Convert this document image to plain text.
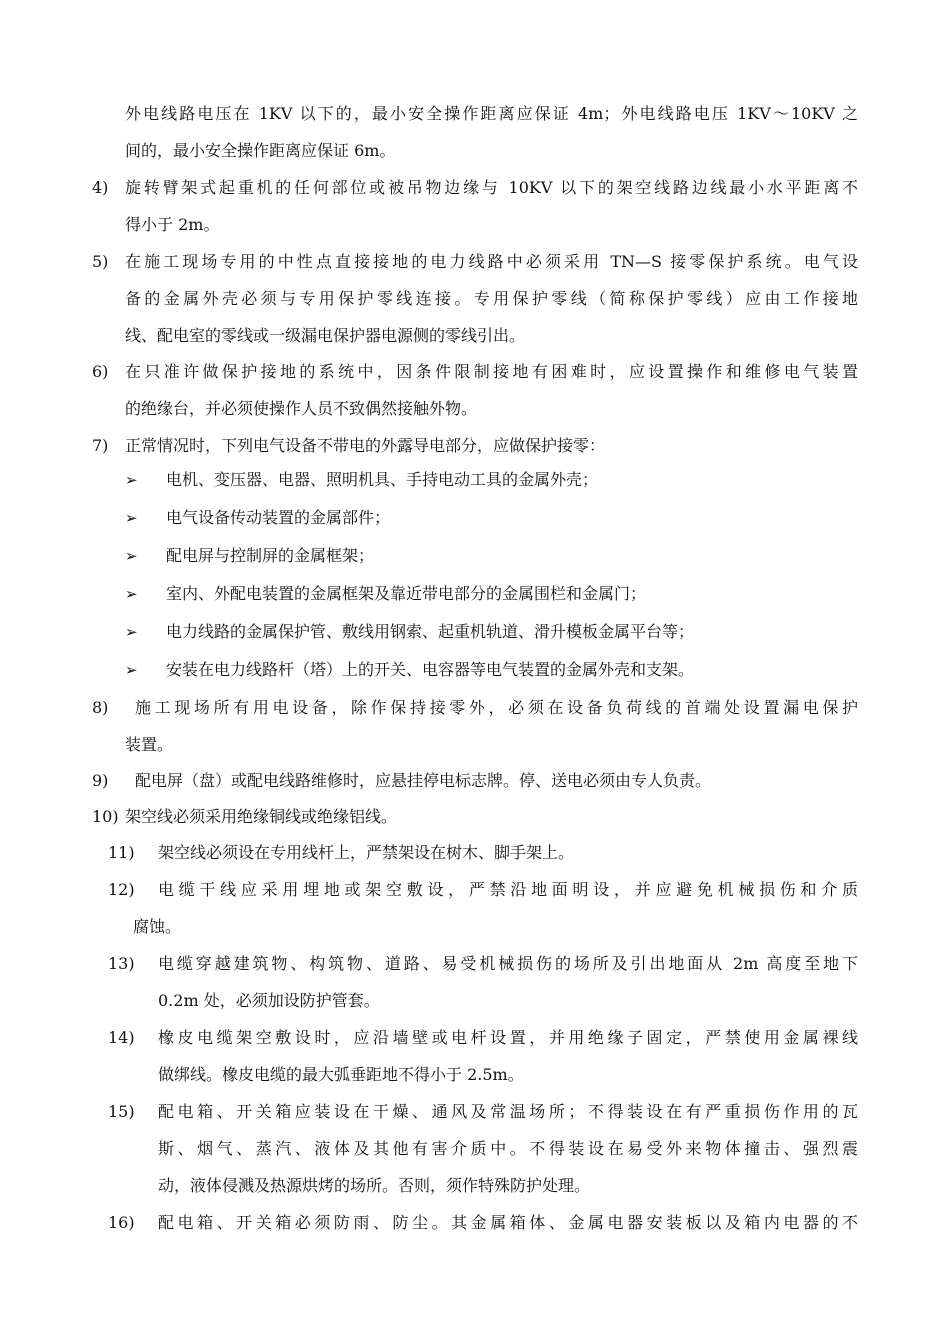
外电线路电压在 1KV 以下的，最小安全操作距离应保证 4m；外电线路电压 1KV～10KV 之
间的，最小安全操作距离应保证 6m。
4) 旋转臂架式起重机的任何部位或被吊物边缘与 10KV 以下的架空线路边线最小水平距离不
得小于 2m。
5) 在施工现场专用的中性点直接接地的电力线路中必须采用 TN—S 接零保护系统。电气设
备的金属外壳必须与专用保护零线连接。专用保护零线（简称保护零线）应由工作接地
线、配电室的零线或一级漏电保护器电源侧的零线引出。
6) 在只准许做保护接地的系统中，因条件限制接地有困难时，应设置操作和维修电气装置
的绝缘台，并必须使操作人员不致偶然接触外物。
7) 正常情况时，下列电气设备不带电的外露导电部分，应做保护接零：
➢ 电机、变压器、电器、照明机具、手持电动工具的金属外壳；
➢ 电气设备传动装置的金属部件；
➢ 配电屏与控制屏的金属框架；
➢ 室内、外配电装置的金属框架及靠近带电部分的金属围栏和金属门；
➢ 电力线路的金属保护管、敷线用钢索、起重机轨道、滑升模板金属平台等；
➢ 安装在电力线路杆（塔）上的开关、电容器等电气装置的金属外壳和支架。
8) 施工现场所有用电设备，除作保持接零外，必须在设备负荷线的首端处设置漏电保护
装置。
9) 配电屏（盘）或配电线路维修时，应悬挂停电标志牌。停、送电必须由专人负责。
10) 架空线必须采用绝缘铜线或绝缘铝线。
11) 架空线必须设在专用线杆上，严禁架设在树木、脚手架上。
12) 电缆干线应采用埋地或架空敷设，严禁沿地面明设，并应避免机械损伤和介质
腐蚀。
13) 电缆穿越建筑物、构筑物、道路、易受机械损伤的场所及引出地面从 2m 高度至地下
0.2m 处，必须加设防护管套。
14) 橡皮电缆架空敷设时，应沿墙壁或电杆设置，并用绝缘子固定，严禁使用金属裸线
做绑线。橡皮电缆的最大弧垂距地不得小于 2.5m。
15) 配电箱、开关箱应装设在干燥、通风及常温场所；不得装设在有严重损伤作用的瓦
斯、烟气、蒸汽、液体及其他有害介质中。不得装设在易受外来物体撞击、强烈震
动，液体侵溅及热源烘烤的场所。否则，须作特殊防护处理。
16) 配电箱、开关箱必须防雨、防尘。其金属箱体、金属电器安装板以及箱内电器的不
